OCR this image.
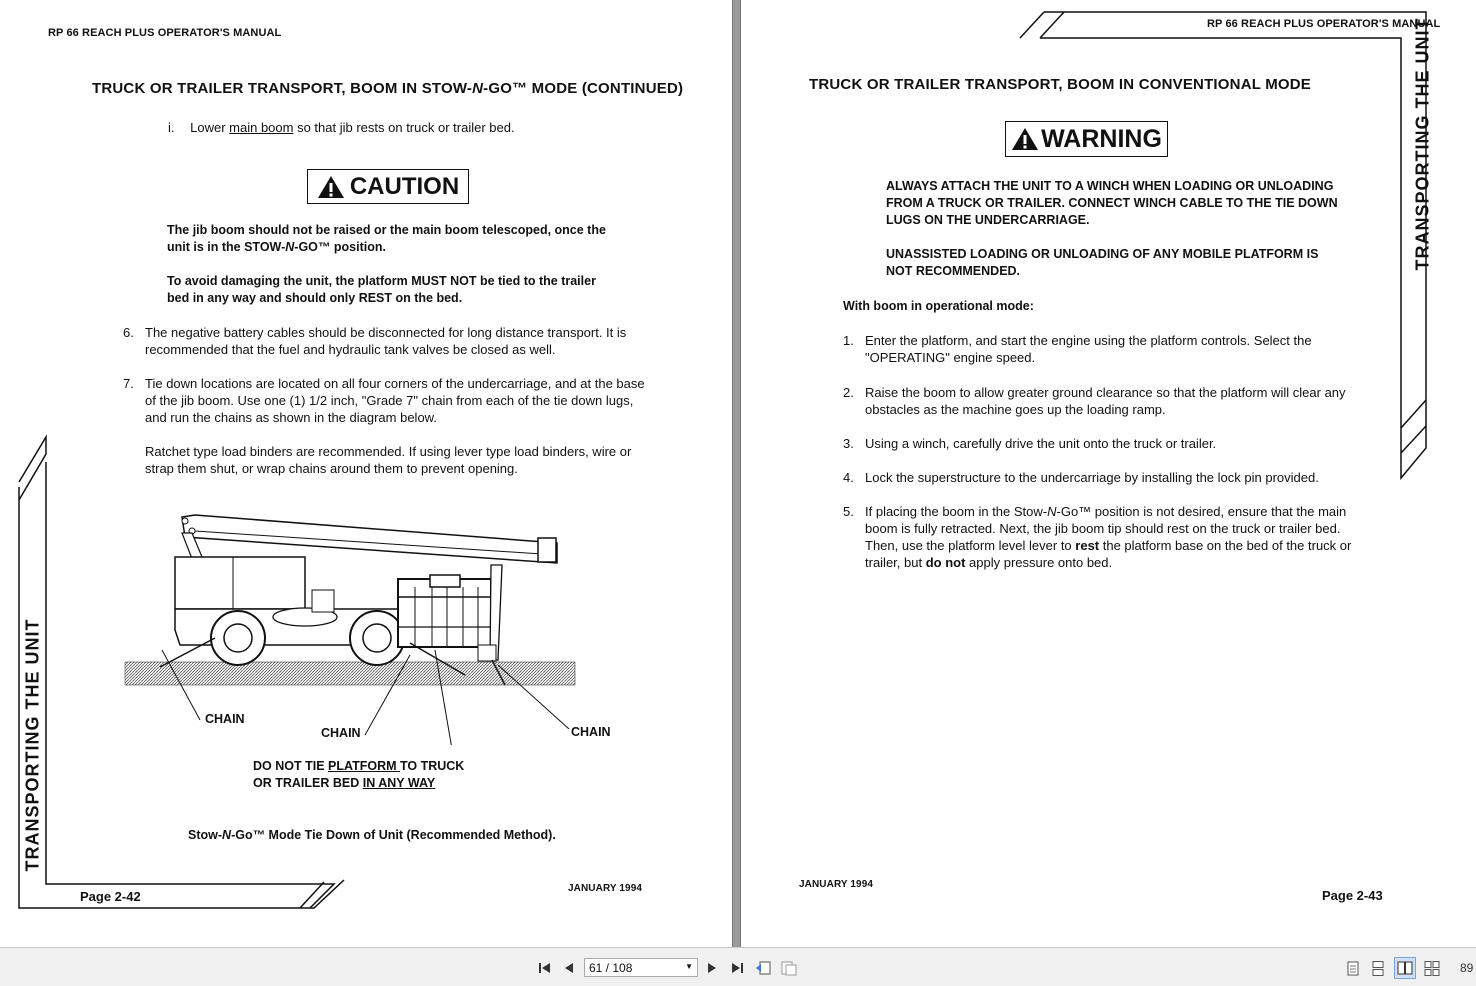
RP 66 REACH PLUS OPERATOR'S MANUAL
TRUCK OR TRAILER TRANSPORT, BOOM IN STOW-N-GO™ MODE (CONTINUED)
i. Lower main boom so that jib rests on truck or trailer bed.
CAUTION
The jib boom should not be raised or the main boom telescoped, once the
unit is in the STOW-N-GO™ position.
To avoid damaging the unit, the platform MUST NOT be tied to the trailer
bed in any way and should only REST on the bed.
6. The negative battery cables should be disconnected for long distance transport. It is
recommended that the fuel and hydraulic tank valves be closed as well.
7. Tie down locations are located on all four corners of the undercarriage, and at the base
of the jib boom. Use one (1) 1/2 inch, "Grade 7" chain from each of the tie down lugs,
and run the chains as shown in the diagram below.
Ratchet type load binders are recommended. If using lever type load binders, wire or
strap them shut, or wrap chains around them to prevent opening.
CHAIN
CHAIN	CHAIN
DO NOT TIE PLATFORM TO TRUCK
OR TRAILER BED IN ANY WAY
Stow-N-Go™ Mode Tie Down of Unit (Recommended Method).
TRANSPORTING THE UNIT
Page 2-42
JANUARY 1994
RP 66 REACH PLUS OPERATOR'S MANUAL
TRANSPORTING THE UNIT
TRUCK OR TRAILER TRANSPORT, BOOM IN CONVENTIONAL MODE
WARNING
ALWAYS ATTACH THE UNIT TO A WINCH WHEN LOADING OR UNLOADING
FROM A TRUCK OR TRAILER. CONNECT WINCH CABLE TO THE TIE DOWN
LUGS ON THE UNDERCARRIAGE.
UNASSISTED LOADING OR UNLOADING OF ANY MOBILE PLATFORM IS
NOT RECOMMENDED.
With boom in operational mode:
1. Enter the platform, and start the engine using the platform controls. Select the
"OPERATING" engine speed.
2. Raise the boom to allow greater ground clearance so that the platform will clear any
obstacles as the machine goes up the loading ramp.
3. Using a winch, carefully drive the unit onto the truck or trailer.
4. Lock the superstructure to the undercarriage by installing the lock pin provided.
5. If placing the boom in the Stow-N-Go™ position is not desired, ensure that the main
boom is fully retracted. Next, the jib boom tip should rest on the truck or trailer bed.
Then, use the platform level lever to rest the platform base on the bed of the truck or
trailer, but do not apply pressure onto bed.
JANUARY 1994
Page 2-43
61 / 108	▼	89
